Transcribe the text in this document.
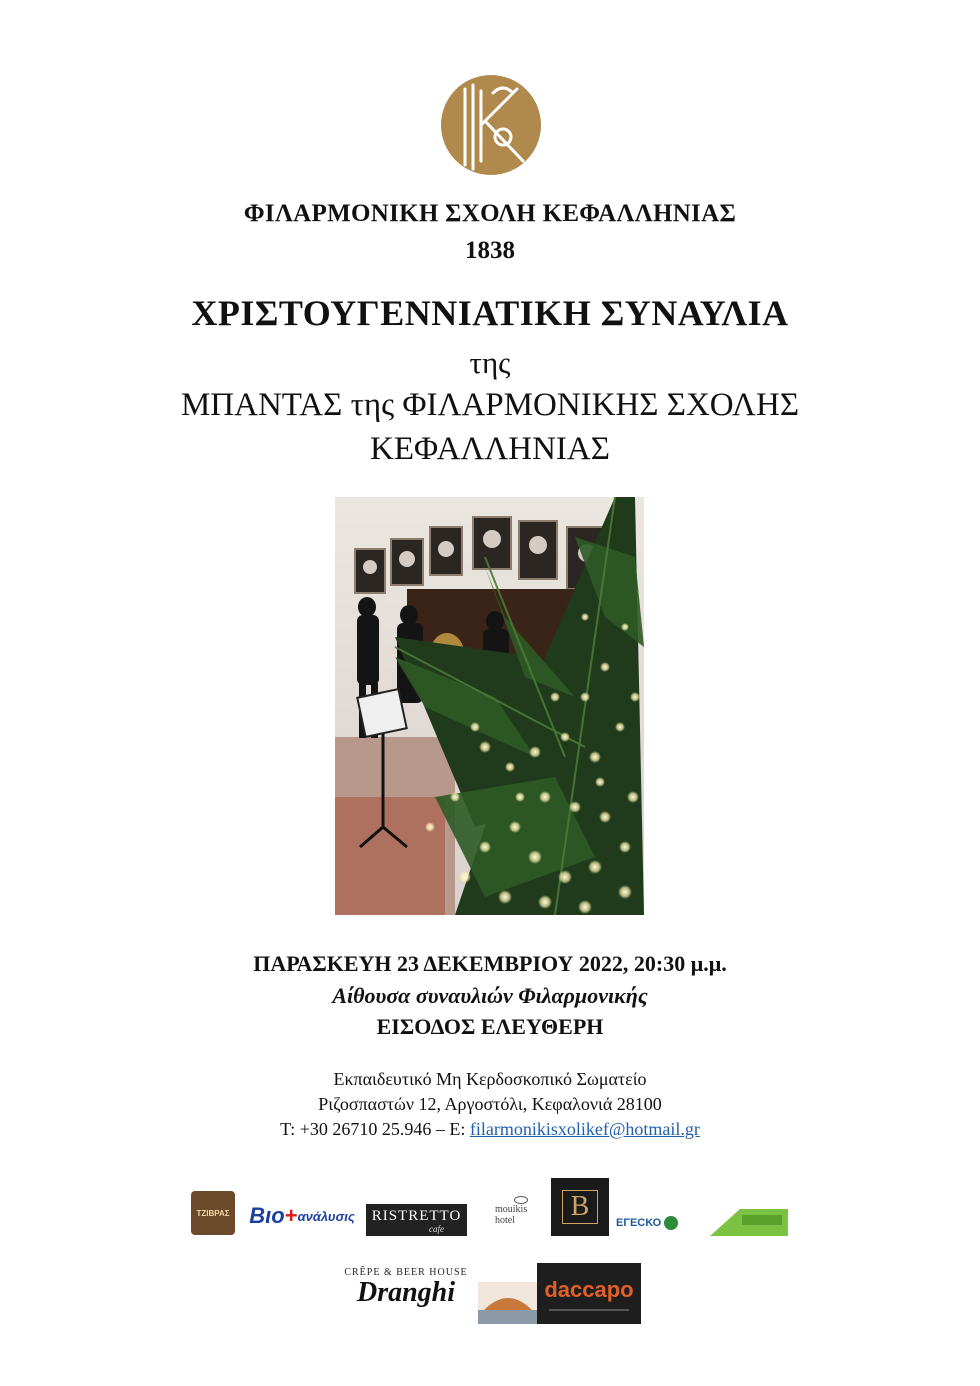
ΦΙΛΑΡΜΟΝΙΚΗ ΣΧΟΛΗ ΚΕΦΑΛΛΗΝΙΑΣ
1838
ΧΡΙΣΤΟΥΓΕΝΝΙΑΤΙΚΗ ΣΥΝΑΥΛΙΑ
της
ΜΠΑΝΤΑΣ της ΦΙΛΑΡΜΟΝΙΚΗΣ ΣΧΟΛΗΣ
ΚΕΦΑΛΛΗΝΙΑΣ
ΠΑΡΑΣΚΕΥΗ 23 ΔΕΚΕΜΒΡΙΟΥ 2022, 20:30 μ.μ.
Αίθουσα συναυλιών Φιλαρμονικής
ΕΙΣΟΔΟΣ ΕΛΕΥΘΕΡΗ
Εκπαιδευτικό Μη Κερδοσκοπικό Σωματείο
Ριζοσπαστών 12, Αργοστόλι, Κεφαλονιά 28100
Τ: +30 26710 25.946 – Ε: filarmonikisxolikef@hotmail.gr
ΤΖΙΒΡΑΣ Βιο + ανάλυσις RISTRETTO
cafe
mouikis hotel	B
ΕΓΕCΚΟ
CRÊPE & BEER HOUSE
Dranghi	daccapo
